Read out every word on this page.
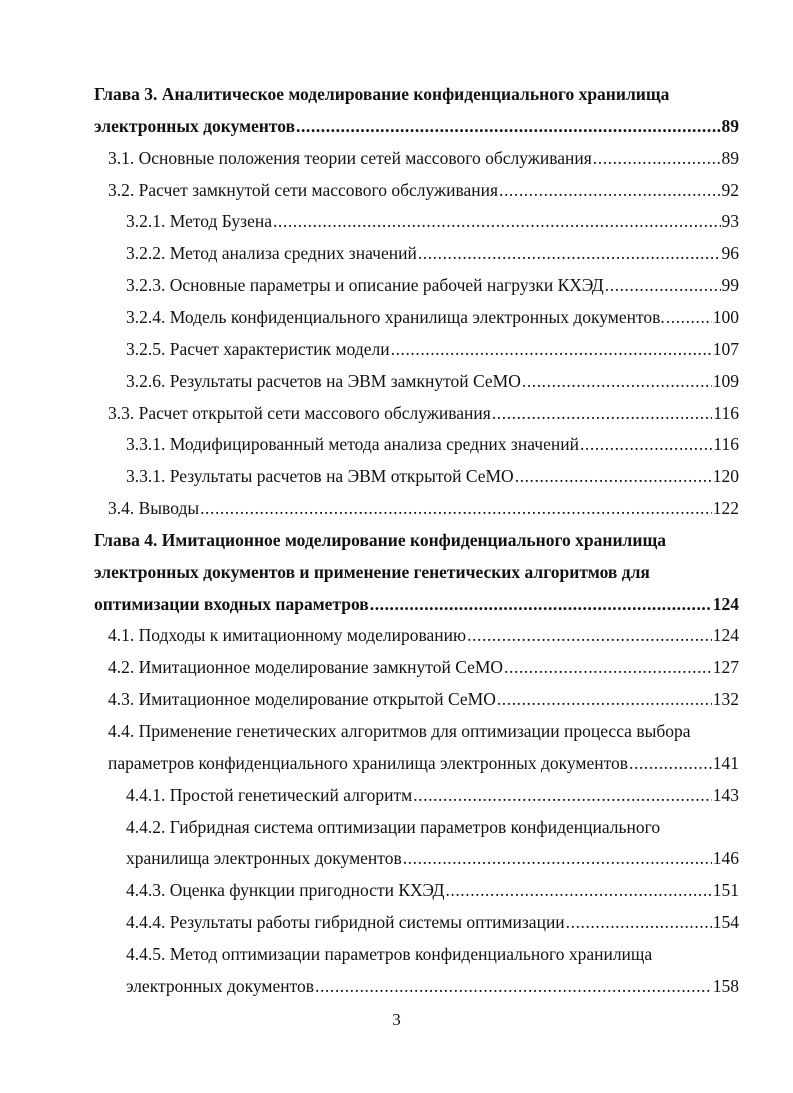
Глава 3. Аналитическое моделирование конфиденциального хранилища
электронных документов . . .	89
3.1. Основные положения теории сетей массового обслуживания . . .	89
3.2. Расчет замкнутой сети массового обслуживания . . .	92
3.2.1. Метод Бузена . . .	93
3.2.2. Метод анализа средних значений . . .	96
3.2.3. Основные параметры и описание рабочей нагрузки КХЭД . . .	99
3.2.4. Модель конфиденциального хранилища электронных документов. . . .	100
3.2.5. Расчет характеристик модели . . .	107
3.2.6. Результаты расчетов на ЭВМ замкнутой СеМО . . .	109
3.3. Расчет открытой сети массового обслуживания . . .	116
3.3.1. Модифицированный метода анализа средних значений . . .	116
3.3.1. Результаты расчетов на ЭВМ открытой СеМО . . .	120
3.4. Выводы . . .	122
Глава 4. Имитационное моделирование конфиденциального хранилища
электронных документов и применение генетических алгоритмов для
оптимизации входных параметров . . .	124
4.1. Подходы к имитационному моделированию . . .	124
4.2. Имитационное моделирование замкнутой СеМО . . .	127
4.3. Имитационное моделирование открытой СеМО . . .	132
4.4. Применение генетических алгоритмов для оптимизации процесса выбора
параметров конфиденциального хранилища электронных документов . . .	141
4.4.1. Простой генетический алгоритм . . .	143
4.4.2. Гибридная система оптимизации параметров конфиденциального
хранилища электронных документов . . .	146
4.4.3. Оценка функции пригодности КХЭД . . .	151
4.4.4. Результаты работы гибридной системы оптимизации . . .	154
4.4.5. Метод оптимизации параметров конфиденциального хранилища
электронных документов . . .	158
3
